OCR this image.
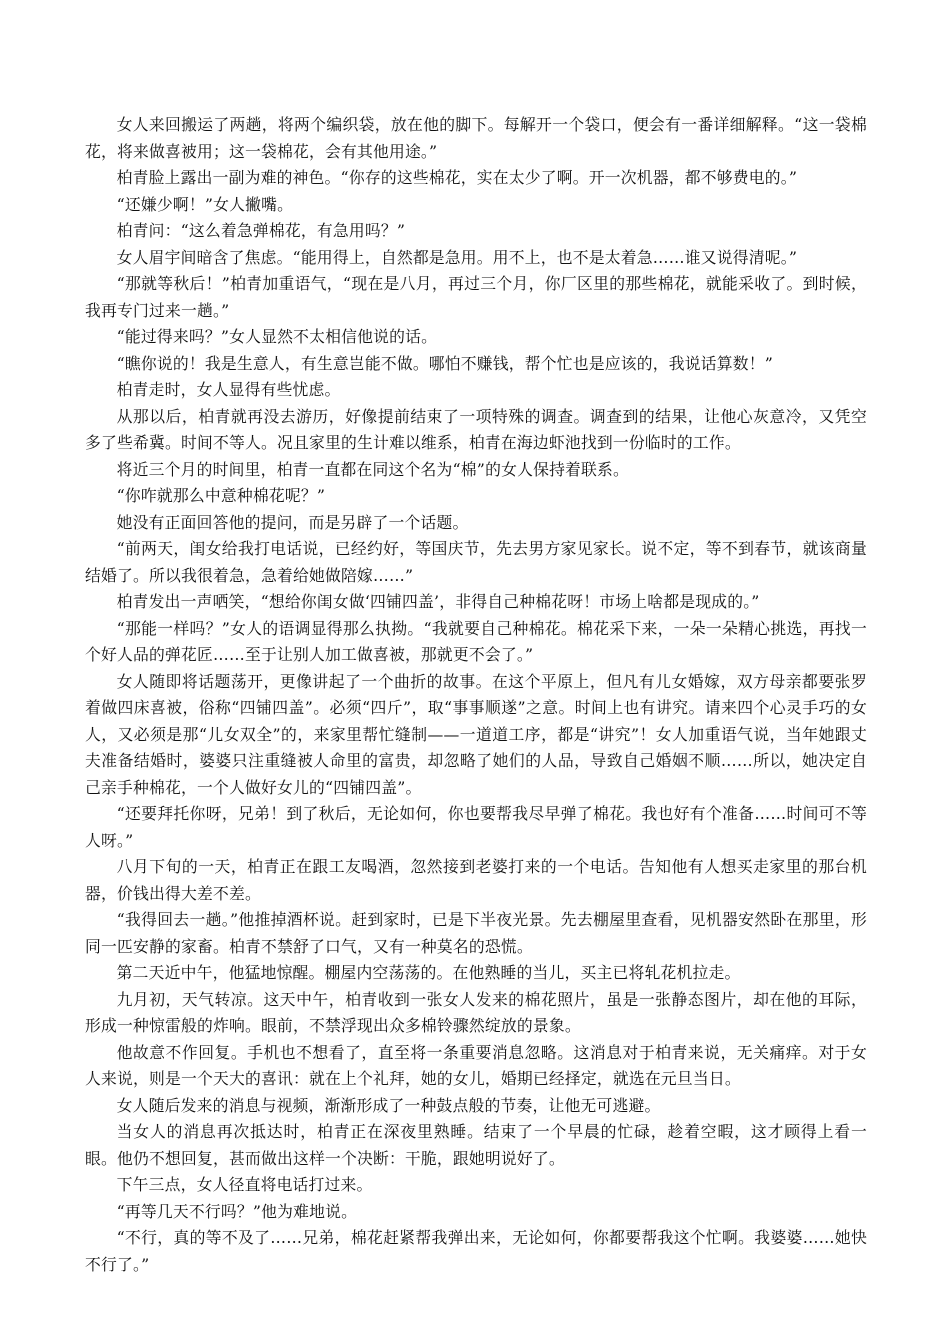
女人来回搬运了两趟，将两个编织袋，放在他的脚下。每解开一个袋口，便会有一番详细解释。“这一袋棉花，将来做喜被用；这一袋棉花，会有其他用途。”

柏青脸上露出一副为难的神色。“你存的这些棉花，实在太少了啊。开一次机器，都不够费电的。”

“还嫌少啊！”女人撇嘴。

柏青问：“这么着急弹棉花，有急用吗？”

女人眉宇间暗含了焦虑。“能用得上，自然都是急用。用不上，也不是太着急……谁又说得清呢。”

“那就等秋后！”柏青加重语气，“现在是八月，再过三个月，你厂区里的那些棉花，就能采收了。到时候，我再专门过来一趟。”

“能过得来吗？”女人显然不太相信他说的话。

“瞧你说的！我是生意人，有生意岂能不做。哪怕不赚钱，帮个忙也是应该的，我说话算数！”

柏青走时，女人显得有些忧虑。

从那以后，柏青就再没去游历，好像提前结束了一项特殊的调查。调查到的结果，让他心灰意冷，又凭空多了些希冀。时间不等人。况且家里的生计难以维系，柏青在海边虾池找到一份临时的工作。

将近三个月的时间里，柏青一直都在同这个名为“棉”的女人保持着联系。

“你咋就那么中意种棉花呢？”

她没有正面回答他的提问，而是另辟了一个话题。

“前两天，闺女给我打电话说，已经约好，等国庆节，先去男方家见家长。说不定，等不到春节，就该商量结婚了。所以我很着急，急着给她做陪嫁……”

柏青发出一声哂笑，“想给你闺女做‘四铺四盖’，非得自己种棉花呀！市场上啥都是现成的。”

“那能一样吗？”女人的语调显得那么执拗。“我就要自己种棉花。棉花采下来，一朵一朵精心挑选，再找一个好人品的弹花匠……至于让别人加工做喜被，那就更不会了。”

女人随即将话题荡开，更像讲起了一个曲折的故事。在这个平原上，但凡有儿女婚嫁，双方母亲都要张罗着做四床喜被，俗称“四铺四盖”。必须“四斤”，取“事事顺遂”之意。时间上也有讲究。请来四个心灵手巧的女人，又必须是那“儿女双全”的，来家里帮忙缝制——一道道工序，都是“讲究”！女人加重语气说，当年她跟丈夫准备结婚时，婆婆只注重缝被人命里的富贵，却忽略了她们的人品，导致自己婚姻不顺……所以，她决定自己亲手种棉花，一个人做好女儿的“四铺四盖”。

“还要拜托你呀，兄弟！到了秋后，无论如何，你也要帮我尽早弹了棉花。我也好有个准备……时间可不等人呀。”

八月下旬的一天，柏青正在跟工友喝酒，忽然接到老婆打来的一个电话。告知他有人想买走家里的那台机器，价钱出得大差不差。

“我得回去一趟。”他推掉酒杯说。赶到家时，已是下半夜光景。先去棚屋里查看，见机器安然卧在那里，形同一匹安静的家畜。柏青不禁舒了口气，又有一种莫名的恐慌。

第二天近中午，他猛地惊醒。棚屋内空荡荡的。在他熟睡的当儿，买主已将轧花机拉走。

九月初，天气转凉。这天中午，柏青收到一张女人发来的棉花照片，虽是一张静态图片，却在他的耳际，形成一种惊雷般的炸响。眼前，不禁浮现出众多棉铃骤然绽放的景象。

他故意不作回复。手机也不想看了，直至将一条重要消息忽略。这消息对于柏青来说，无关痛痒。对于女人来说，则是一个天大的喜讯：就在上个礼拜，她的女儿，婚期已经择定，就选在元旦当日。

女人随后发来的消息与视频，渐渐形成了一种鼓点般的节奏，让他无可逃避。

当女人的消息再次抵达时，柏青正在深夜里熟睡。结束了一个早晨的忙碌，趁着空暇，这才顾得上看一眼。他仍不想回复，甚而做出这样一个决断：干脆，跟她明说好了。

下午三点，女人径直将电话打过来。

“再等几天不行吗？”他为难地说。

“不行，真的等不及了……兄弟，棉花赶紧帮我弹出来，无论如何，你都要帮我这个忙啊。我婆婆……她快不行了。”
